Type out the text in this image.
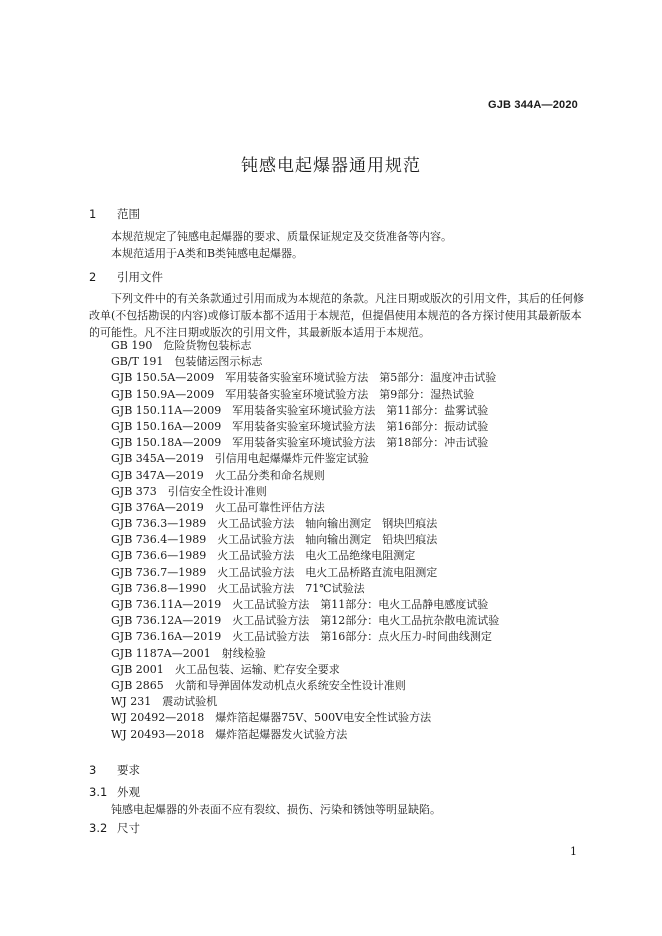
GJB 344A—2020
钝感电起爆器通用规范
1 范围
本规范规定了钝感电起爆器的要求、质量保证规定及交货准备等内容。
本规范适用于A类和B类钝感电起爆器。
2 引用文件
下列文件中的有关条款通过引用而成为本规范的条款。凡注日期或版次的引用文件，其后的任何修改单(不包括勘误的内容)或修订版本都不适用于本规范，但提倡使用本规范的各方探讨使用其最新版本的可能性。凡不注日期或版次的引用文件，其最新版本适用于本规范。
GB 190　危险货物包装标志
GB/T 191　包装储运图示标志
GJB 150.5A—2009　军用装备实验室环境试验方法　第5部分：温度冲击试验
GJB 150.9A—2009　军用装备实验室环境试验方法　第9部分：湿热试验
GJB 150.11A—2009　军用装备实验室环境试验方法　第11部分：盐雾试验
GJB 150.16A—2009　军用装备实验室环境试验方法　第16部分：振动试验
GJB 150.18A—2009　军用装备实验室环境试验方法　第18部分：冲击试验
GJB 345A—2019　引信用电起爆爆炸元件鉴定试验
GJB 347A—2019　火工品分类和命名规则
GJB 373　引信安全性设计准则
GJB 376A—2019　火工品可靠性评估方法
GJB 736.3—1989　火工品试验方法　轴向输出测定　钢块凹痕法
GJB 736.4—1989　火工品试验方法　轴向输出测定　铅块凹痕法
GJB 736.6—1989　火工品试验方法　电火工品绝缘电阻测定
GJB 736.7—1989　火工品试验方法　电火工品桥路直流电阻测定
GJB 736.8—1990　火工品试验方法　71℃试验法
GJB 736.11A—2019　火工品试验方法　第11部分：电火工品静电感度试验
GJB 736.12A—2019　火工品试验方法　第12部分：电火工品抗杂散电流试验
GJB 736.16A—2019　火工品试验方法　第16部分：点火压力-时间曲线测定
GJB 1187A—2001　射线检验
GJB 2001　火工品包装、运输、贮存安全要求
GJB 2865　火箭和导弹固体发动机点火系统安全性设计准则
WJ 231　震动试验机
WJ 20492—2018　爆炸箔起爆器75V、500V电安全性试验方法
WJ 20493—2018　爆炸箔起爆器发火试验方法
3 要求
3.1 外观
钝感电起爆器的外表面不应有裂纹、损伤、污染和锈蚀等明显缺陷。
3.2 尺寸
1
